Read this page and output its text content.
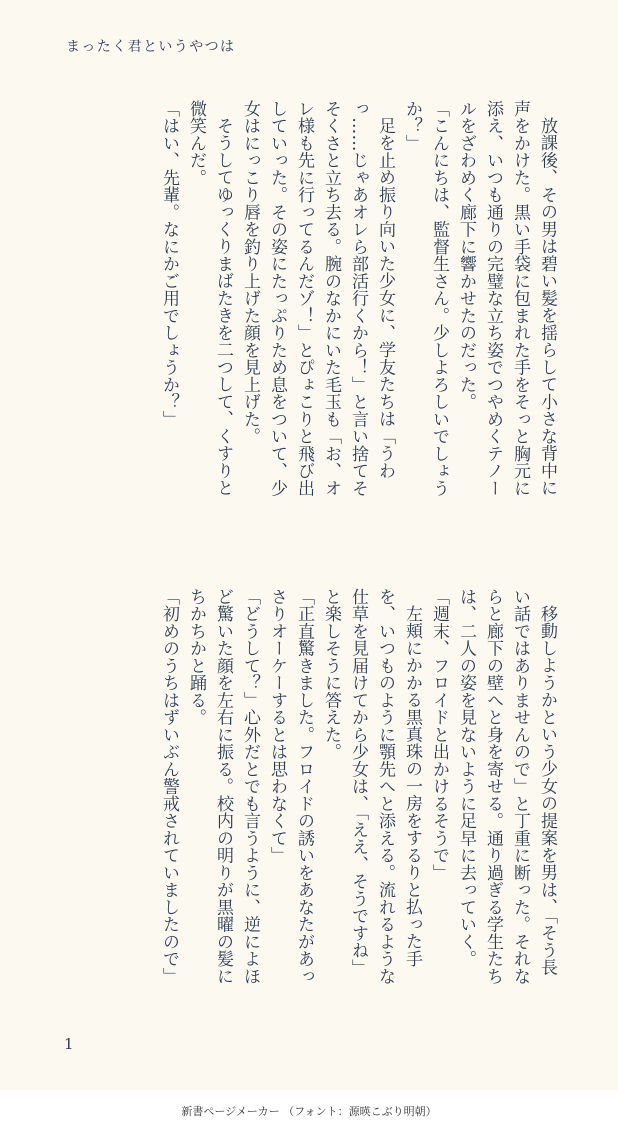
まったく君というやつは

放課後、その男は碧い髪を揺らして小さな背中に声をかけた。黒い手袋に包まれた手をそっと胸元に添え、いつも通りの完璧な立ち姿でつやめくテノールをざわめく廊下に響かせたのだった。

「こんにちは、監督生さん。少しよろしいでしょうか？」

足を止め振り向いた少女に、学友たちは「うわっ……じゃあオレら部活行くから！」と言い捨てそそくさと立ち去る。腕のなかにいた毛玉も「お、オレ様も先に行ってるんだゾ！」とぴょこりと飛び出していった。その姿にたっぷりため息をついて、少女はにっこり唇を釣り上げた顔を見上げた。

そうしてゆっくりまばたきを二つして、くすりと微笑んだ。

「はい、先輩。なにかご用でしょうか？」

移動しようかという少女の提案を男は、「そう長い話ではありませんので」と丁重に断った。それならと廊下の壁へと身を寄せる。通り過ぎる学生たちは、二人の姿を見ないように足早に去っていく。

「週末、フロイドと出かけるそうで」

左頬にかかる黒真珠の一房をするりと払った手を、いつものように顎先へと添える。流れるような仕草を見届けてから少女は、「ええ、そうですね」と楽しそうに答えた。

「正直驚きました。フロイドの誘いをあなたがあっさりオーケーするとは思わなくて」

「どうして？」心外だとでも言うように、逆によほど驚いた顔を左右に振る。校内の明りが黒曜の髪にちかちかと踊る。

「初めのうちはずいぶん警戒されていましたので」

1
新書ページメーカー （フォント：源暎こぶり明朝）
